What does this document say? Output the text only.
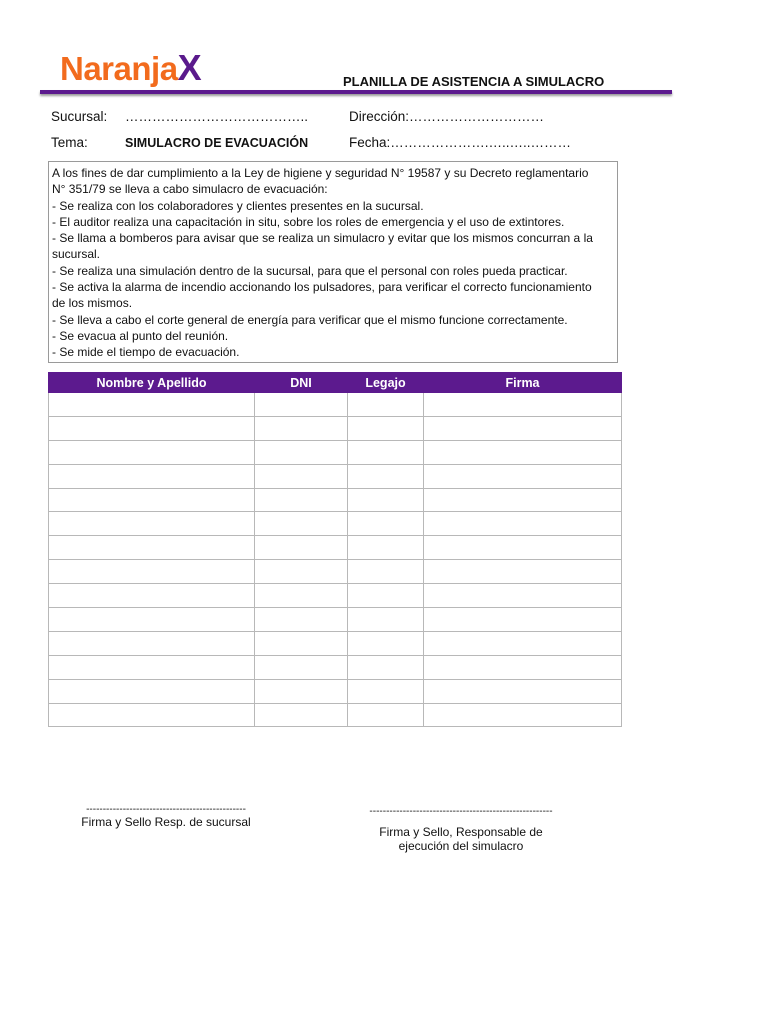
NaranjaX	PLANILLA DE ASISTENCIA A SIMULACRO
Sucursal: …………………………………..	Dirección:…………………………
Tema:	SIMULACRO DE EVACUACIÓN	Fecha:………………….…..…..………
A los fines de dar cumplimiento a la Ley de higiene y seguridad N° 19587 y su Decreto reglamentario
N° 351/79 se lleva a cabo simulacro de evacuación:
- Se realiza con los colaboradores y clientes presentes en la sucursal.
- El auditor realiza una capacitación in situ, sobre los roles de emergencia y el uso de extintores.
- Se llama a bomberos para avisar que se realiza un simulacro y evitar que los mismos concurran a la
sucursal.
- Se realiza una simulación dentro de la sucursal, para que el personal con roles pueda practicar.
- Se activa la alarma de incendio accionando los pulsadores, para verificar el correcto funcionamiento
de los mismos.
- Se lleva a cabo el corte general de energía para verificar que el mismo funcione correctamente.
- Se evacua al punto del reunión.
- Se mide el tiempo de evacuación.
Nombre y Apellido	DNI	Legajo	Firma

------------------------------------------------
Firma y Sello Resp. de sucursal
-------------------------------------------------------
Firma y Sello, Responsable de
ejecución del simulacro
